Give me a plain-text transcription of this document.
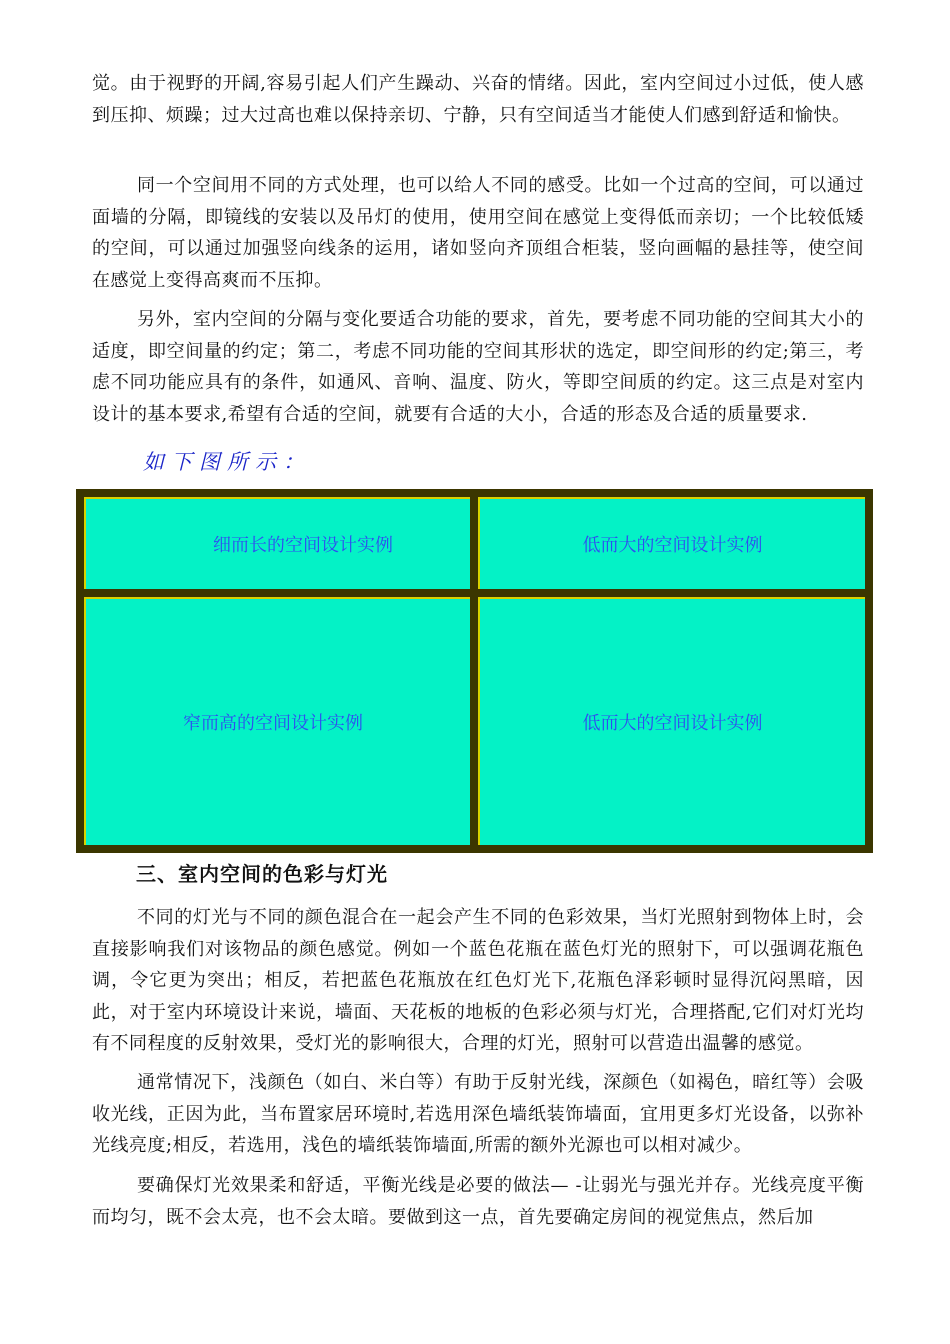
觉。由于视野的开阔,容易引起人们产生躁动、兴奋的情绪。因此，室内空间过小过低，使人感到压抑、烦躁；过大过高也难以保持亲切、宁静，只有空间适当才能使人们感到舒适和愉快。

同一个空间用不同的方式处理，也可以给人不同的感受。比如一个过高的空间，可以通过面墙的分隔，即镜线的安装以及吊灯的使用，使用空间在感觉上变得低而亲切；一个比较低矮的空间，可以通过加强竖向线条的运用，诸如竖向齐顶组合柜装，竖向画幅的悬挂等，使空间在感觉上变得高爽而不压抑。

另外，室内空间的分隔与变化要适合功能的要求，首先，要考虑不同功能的空间其大小的适度，即空间量的约定；第二，考虑不同功能的空间其形状的选定，即空间形的约定;第三，考虑不同功能应具有的条件，如通风、音响、温度、防火，等即空间质的约定。这三点是对室内设计的基本要求,希望有合适的空间，就要有合适的大小，合适的形态及合适的质量要求.

如下图所示：
细而长的空间设计实例	低而大的空间设计实例
窄而高的空间设计实例	低而大的空间设计实例
三、室内空间的色彩与灯光

不同的灯光与不同的颜色混合在一起会产生不同的色彩效果，当灯光照射到物体上时，会直接影响我们对该物品的颜色感觉。例如一个蓝色花瓶在蓝色灯光的照射下，可以强调花瓶色调，令它更为突出；相反，若把蓝色花瓶放在红色灯光下,花瓶色泽彩顿时显得沉闷黑暗，因此，对于室内环境设计来说，墙面、天花板的地板的色彩必须与灯光，合理搭配,它们对灯光均有不同程度的反射效果，受灯光的影响很大，合理的灯光，照射可以营造出温馨的感觉。

通常情况下，浅颜色（如白、米白等）有助于反射光线，深颜色（如褐色，暗红等）会吸收光线，正因为此，当布置家居环境时,若选用深色墙纸装饰墙面，宜用更多灯光设备，以弥补光线亮度;相反，若选用，浅色的墙纸装饰墙面,所需的额外光源也可以相对减少。

要确保灯光效果柔和舒适，平衡光线是必要的做法— -让弱光与强光并存。光线亮度平衡而均匀，既不会太亮，也不会太暗。要做到这一点，首先要确定房间的视觉焦点，然后加
